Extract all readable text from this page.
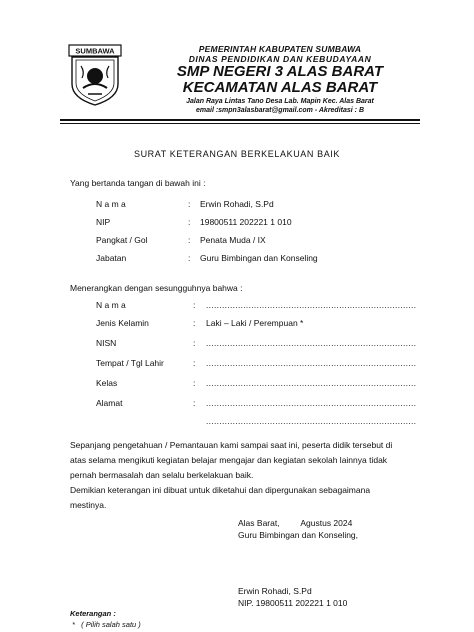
SUMBAWA	PEMERINTAH KABUPATEN SUMBAWA
DINAS PENDIDIKAN DAN KEBUDAYAAN
SMP NEGERI 3 ALAS BARAT
KECAMATAN ALAS BARAT
Jalan Raya Lintas Tano Desa Lab. Mapin Kec. Alas Barat
email :smpn3alasbarat@gmail.com - Akreditasi : B
SURAT KETERANGAN BERKELAKUAN BAIK
Yang bertanda tangan di bawah ini :
N a m a	: Erwin Rohadi, S.Pd
NIP	: 19800511 202221 1 010
Pangkat / Gol	: Penata Muda / IX
Jabatan	: Guru Bimbingan dan Konseling
Menerangkan dengan sesungguhnya bahwa :
N a m a	: ...............................................................................
Jenis Kelamin	: Laki – Laki / Perempuan *
NISN	: ...............................................................................
Tempat / Tgl Lahir	: ...............................................................................
Kelas	: ...............................................................................
Alamat	: ...............................................................................
...............................................................................
Sepanjang pengetahuan / Pemantauan kami sampai saat ini, peserta didik tersebut di
atas selama mengikuti kegiatan belajar mengajar dan kegiatan sekolah lainnya tidak
pernah bermasalah dan selalu berkelakuan baik.
Demikian keterangan ini dibuat untuk diketahui dan dipergunakan sebagaimana
mestinya.
Alas Barat,         Agustus 2024
Guru Bimbingan dan Konseling,
Erwin Rohadi, S.Pd
NIP. 19800511 202221 1 010
Keterangan :
*   ( Pilih salah satu )
